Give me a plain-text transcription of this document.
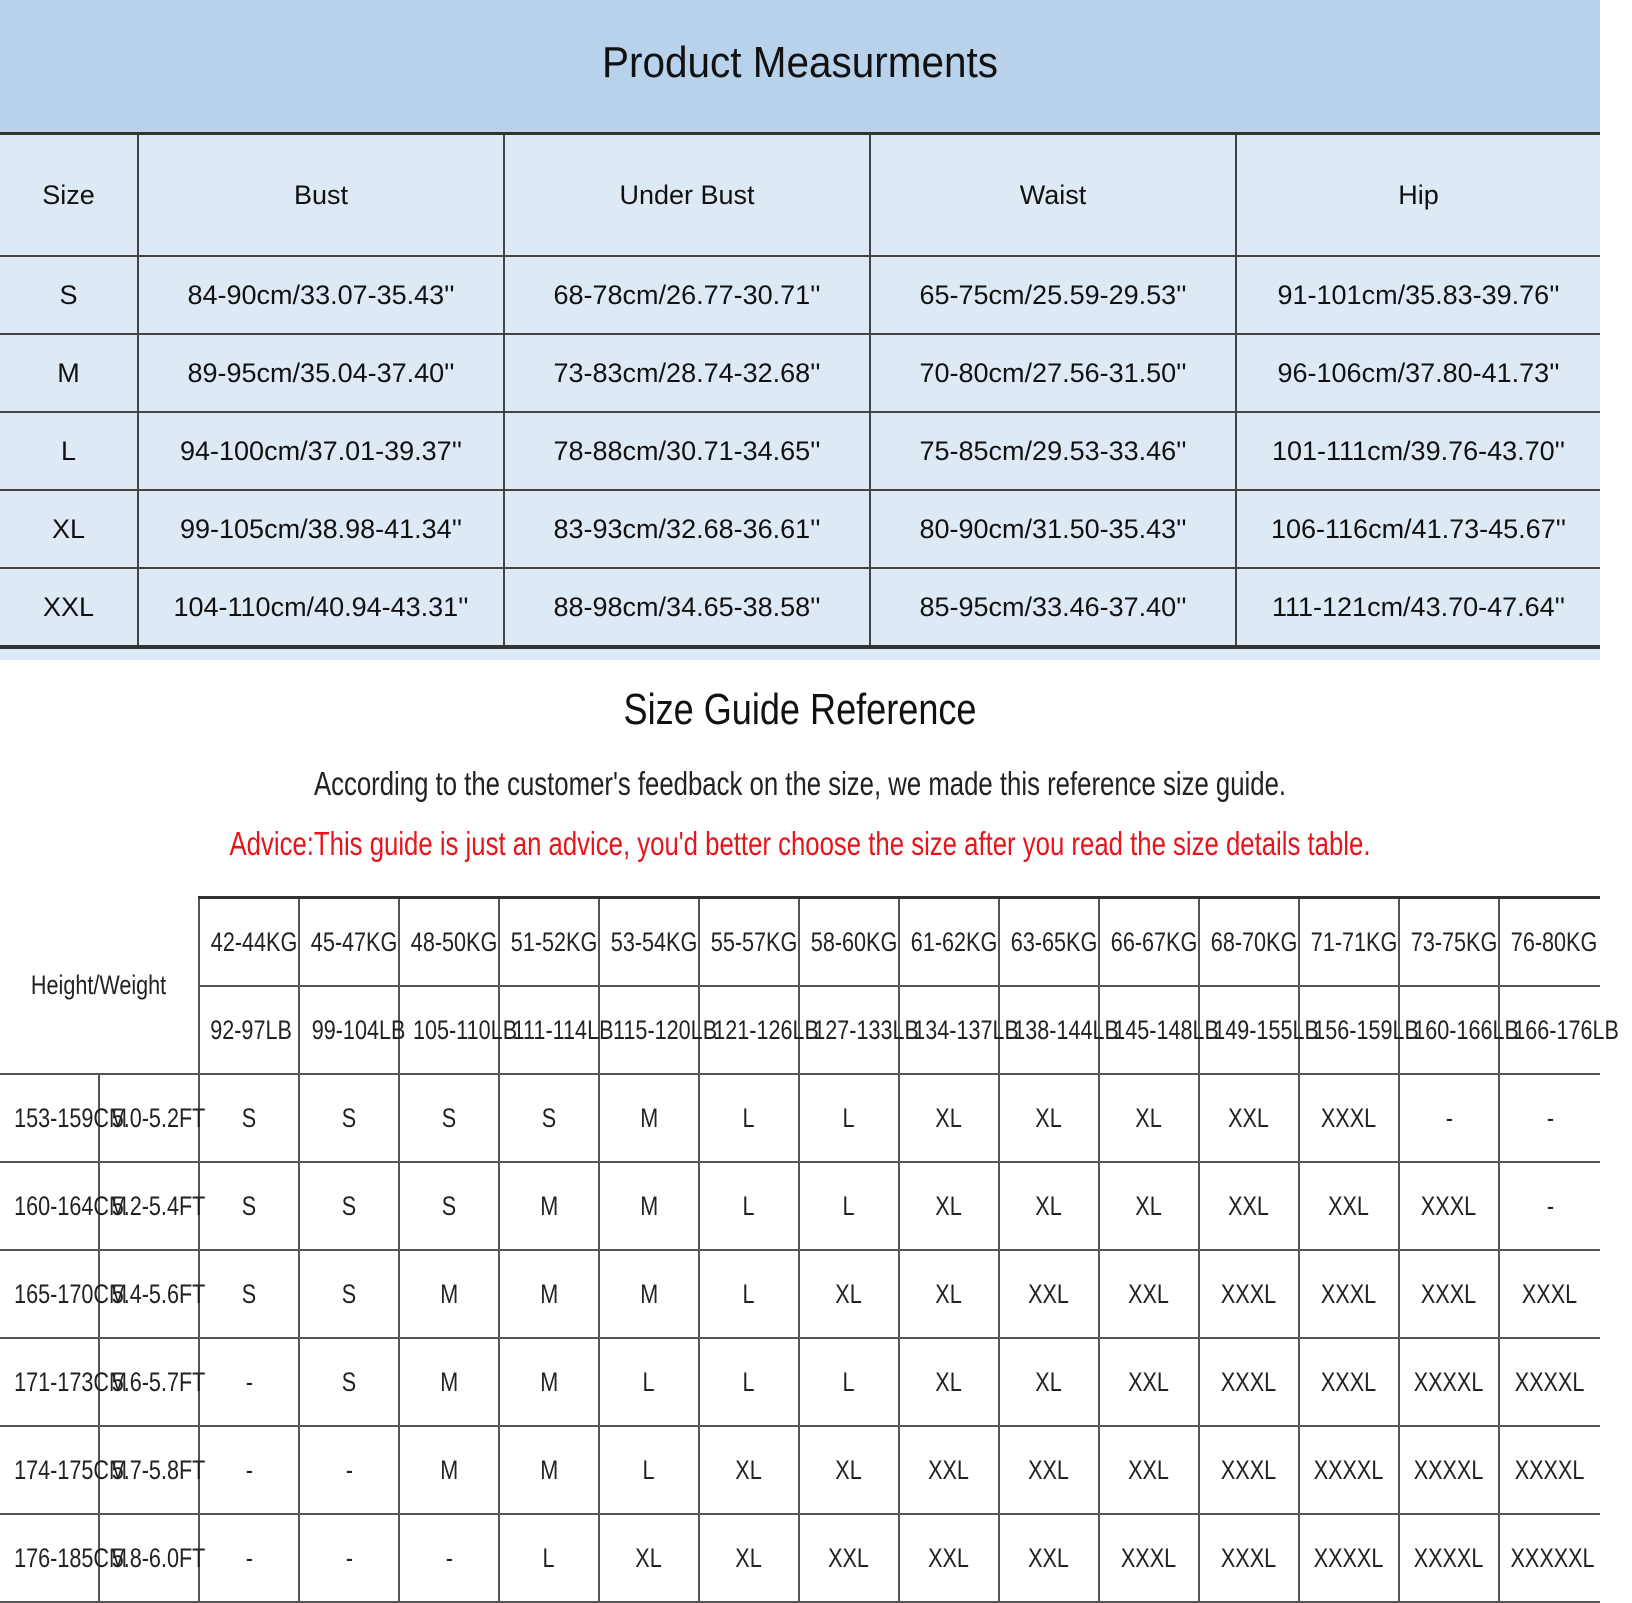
Product Measurments
Size	Bust	Under Bust	Waist	Hip
S	84-90cm/33.07-35.43''	68-78cm/26.77-30.71''	65-75cm/25.59-29.53''	91-101cm/35.83-39.76''
M	89-95cm/35.04-37.40''	73-83cm/28.74-32.68''	70-80cm/27.56-31.50''	96-106cm/37.80-41.73''
L	94-100cm/37.01-39.37''	78-88cm/30.71-34.65''	75-85cm/29.53-33.46''	101-111cm/39.76-43.70''
XL	99-105cm/38.98-41.34''	83-93cm/32.68-36.61''	80-90cm/31.50-35.43''	106-116cm/41.73-45.67''
XXL	104-110cm/40.94-43.31''	88-98cm/34.65-38.58''	85-95cm/33.46-37.40''	111-121cm/43.70-47.64''
Size Guide Reference
According to the customer's feedback on the size, we made this reference size guide.
Advice:This guide is just an advice, you'd better choose the size after you read the size details table.
Height/Weight		42-44KG	45-47KG	48-50KG	51-52KG	53-54KG	55-57KG	58-60KG	61-62KG	63-65KG	66-67KG	68-70KG	71-71KG	73-75KG	76-80KG
		92-97LB	99-104LB	105-110LB	111-114LB	115-120LB	121-126LB	127-133LB	134-137LB	138-144LB	145-148LB	149-155LB	156-159LB	160-166LB	166-176LB
153-159CM	5.0-5.2FT	S	S	S	S	M	L	L	XL	XL	XL	XXL	XXXL	-	-
160-164CM	5.2-5.4FT	S	S	S	M	M	L	L	XL	XL	XL	XXL	XXL	XXXL	-
165-170CM	5.4-5.6FT	S	S	M	M	M	L	XL	XL	XXL	XXL	XXXL	XXXL	XXXL	XXXL
171-173CM	5.6-5.7FT	-	S	M	M	L	L	L	XL	XL	XXL	XXXL	XXXL	XXXXL	XXXXL
174-175CM	5.7-5.8FT	-	-	M	M	L	XL	XL	XXL	XXL	XXL	XXXL	XXXXL	XXXXL	XXXXL
176-185CM	5.8-6.0FT	-	-	-	L	XL	XL	XXL	XXL	XXL	XXXL	XXXL	XXXXL	XXXXL	XXXXXL
